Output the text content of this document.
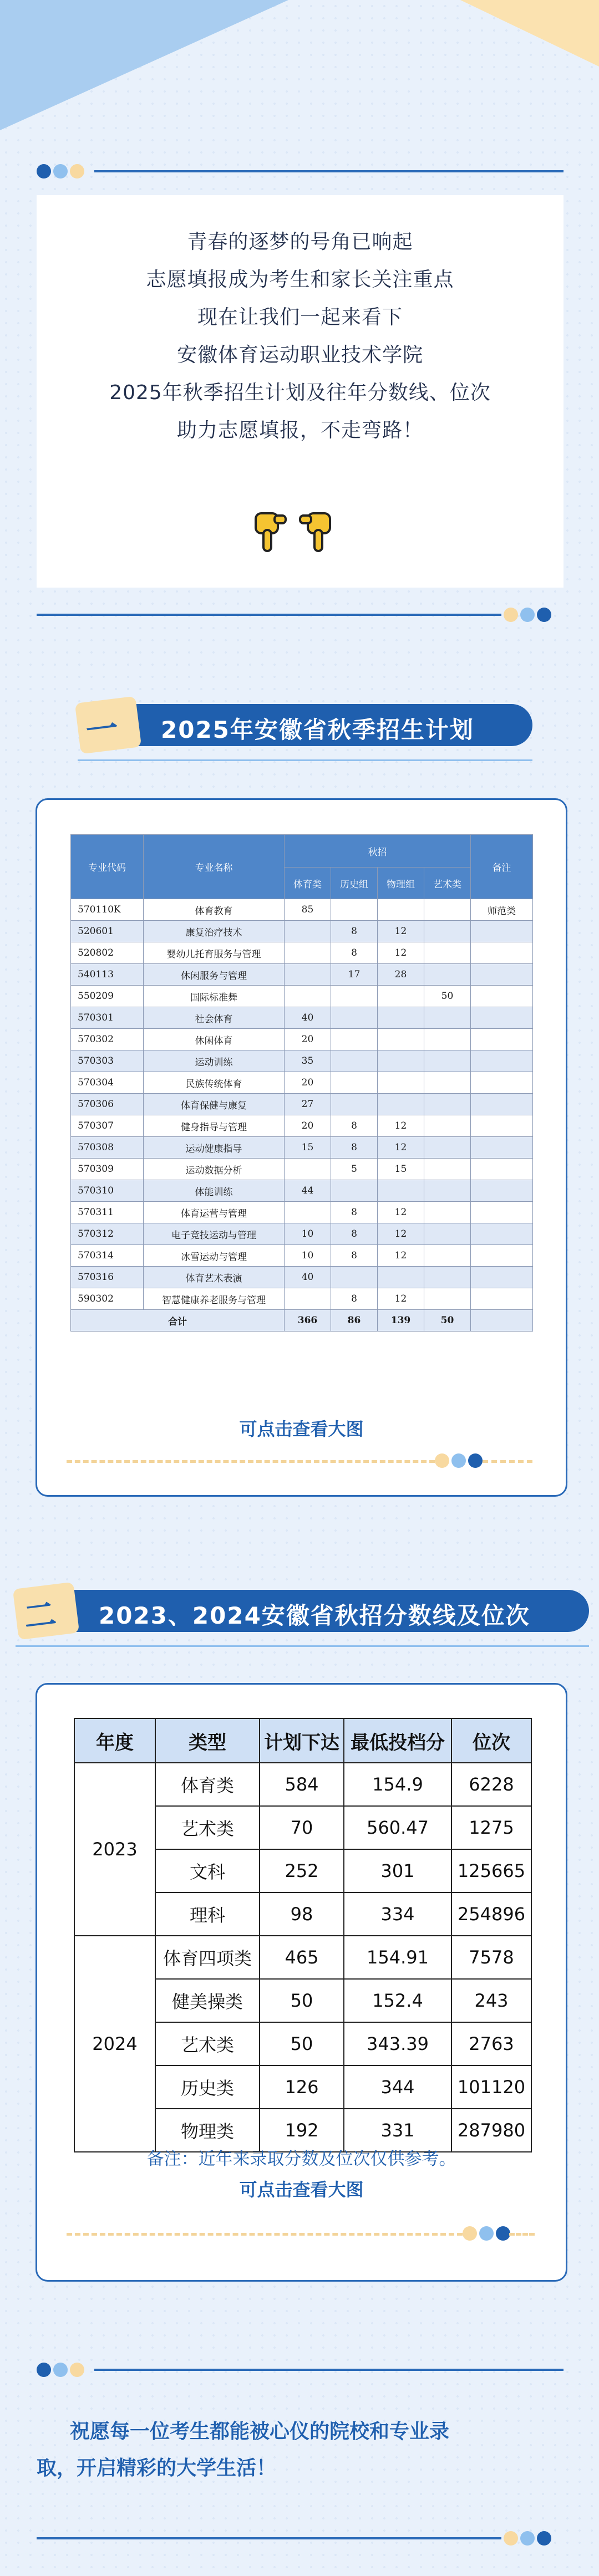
青春的逐梦的号角已响起
志愿填报成为考生和家长关注重点
现在让我们一起来看下
安徽体育运动职业技术学院
2025年秋季招生计划及往年分数线、位次
助力志愿填报，不走弯路！
一 2025年安徽省秋季招生计划
专业代码	专业名称	秋招				备注
		体育类	历史组	物理组	艺术类	
570110K	体育教育	85				师范类
520601	康复治疗技术		8	12		
520802	婴幼儿托育服务与管理		8	12		
540113	休闲服务与管理		17	28		
550209	国际标准舞				50	
570301	社会体育	40				
570302	休闲体育	20				
570303	运动训练	35				
570304	民族传统体育	20				
570306	体育保健与康复	27				
570307	健身指导与管理	20	8	12		
570308	运动健康指导	15	8	12		
570309	运动数据分析		5	15		
570310	体能训练	44				
570311	体育运营与管理		8	12		
570312	电子竞技运动与管理	10	8	12		
570314	冰雪运动与管理	10	8	12		
570316	体育艺术表演	40				
590302	智慧健康养老服务与管理		8	12		
合计		366	86	139	50	
可点击查看大图
二 2023、2024安徽省秋招分数线及位次
年度	类型	计划下达	最低投档分	位次
2023	体育类	584	154.9	6228
	艺术类	70	560.47	1275
	文科	252	301	125665
	理科	98	334	254896
2024	体育四项类	465	154.91	7578
	健美操类	50	152.4	243
	艺术类	50	343.39	2763
	历史类	126	344	101120
	物理类	192	331	287980
备注：近年来录取分数及位次仅供参考。
可点击查看大图
祝愿每一位考生都能被心仪的院校和专业录
取，开启精彩的大学生活！
